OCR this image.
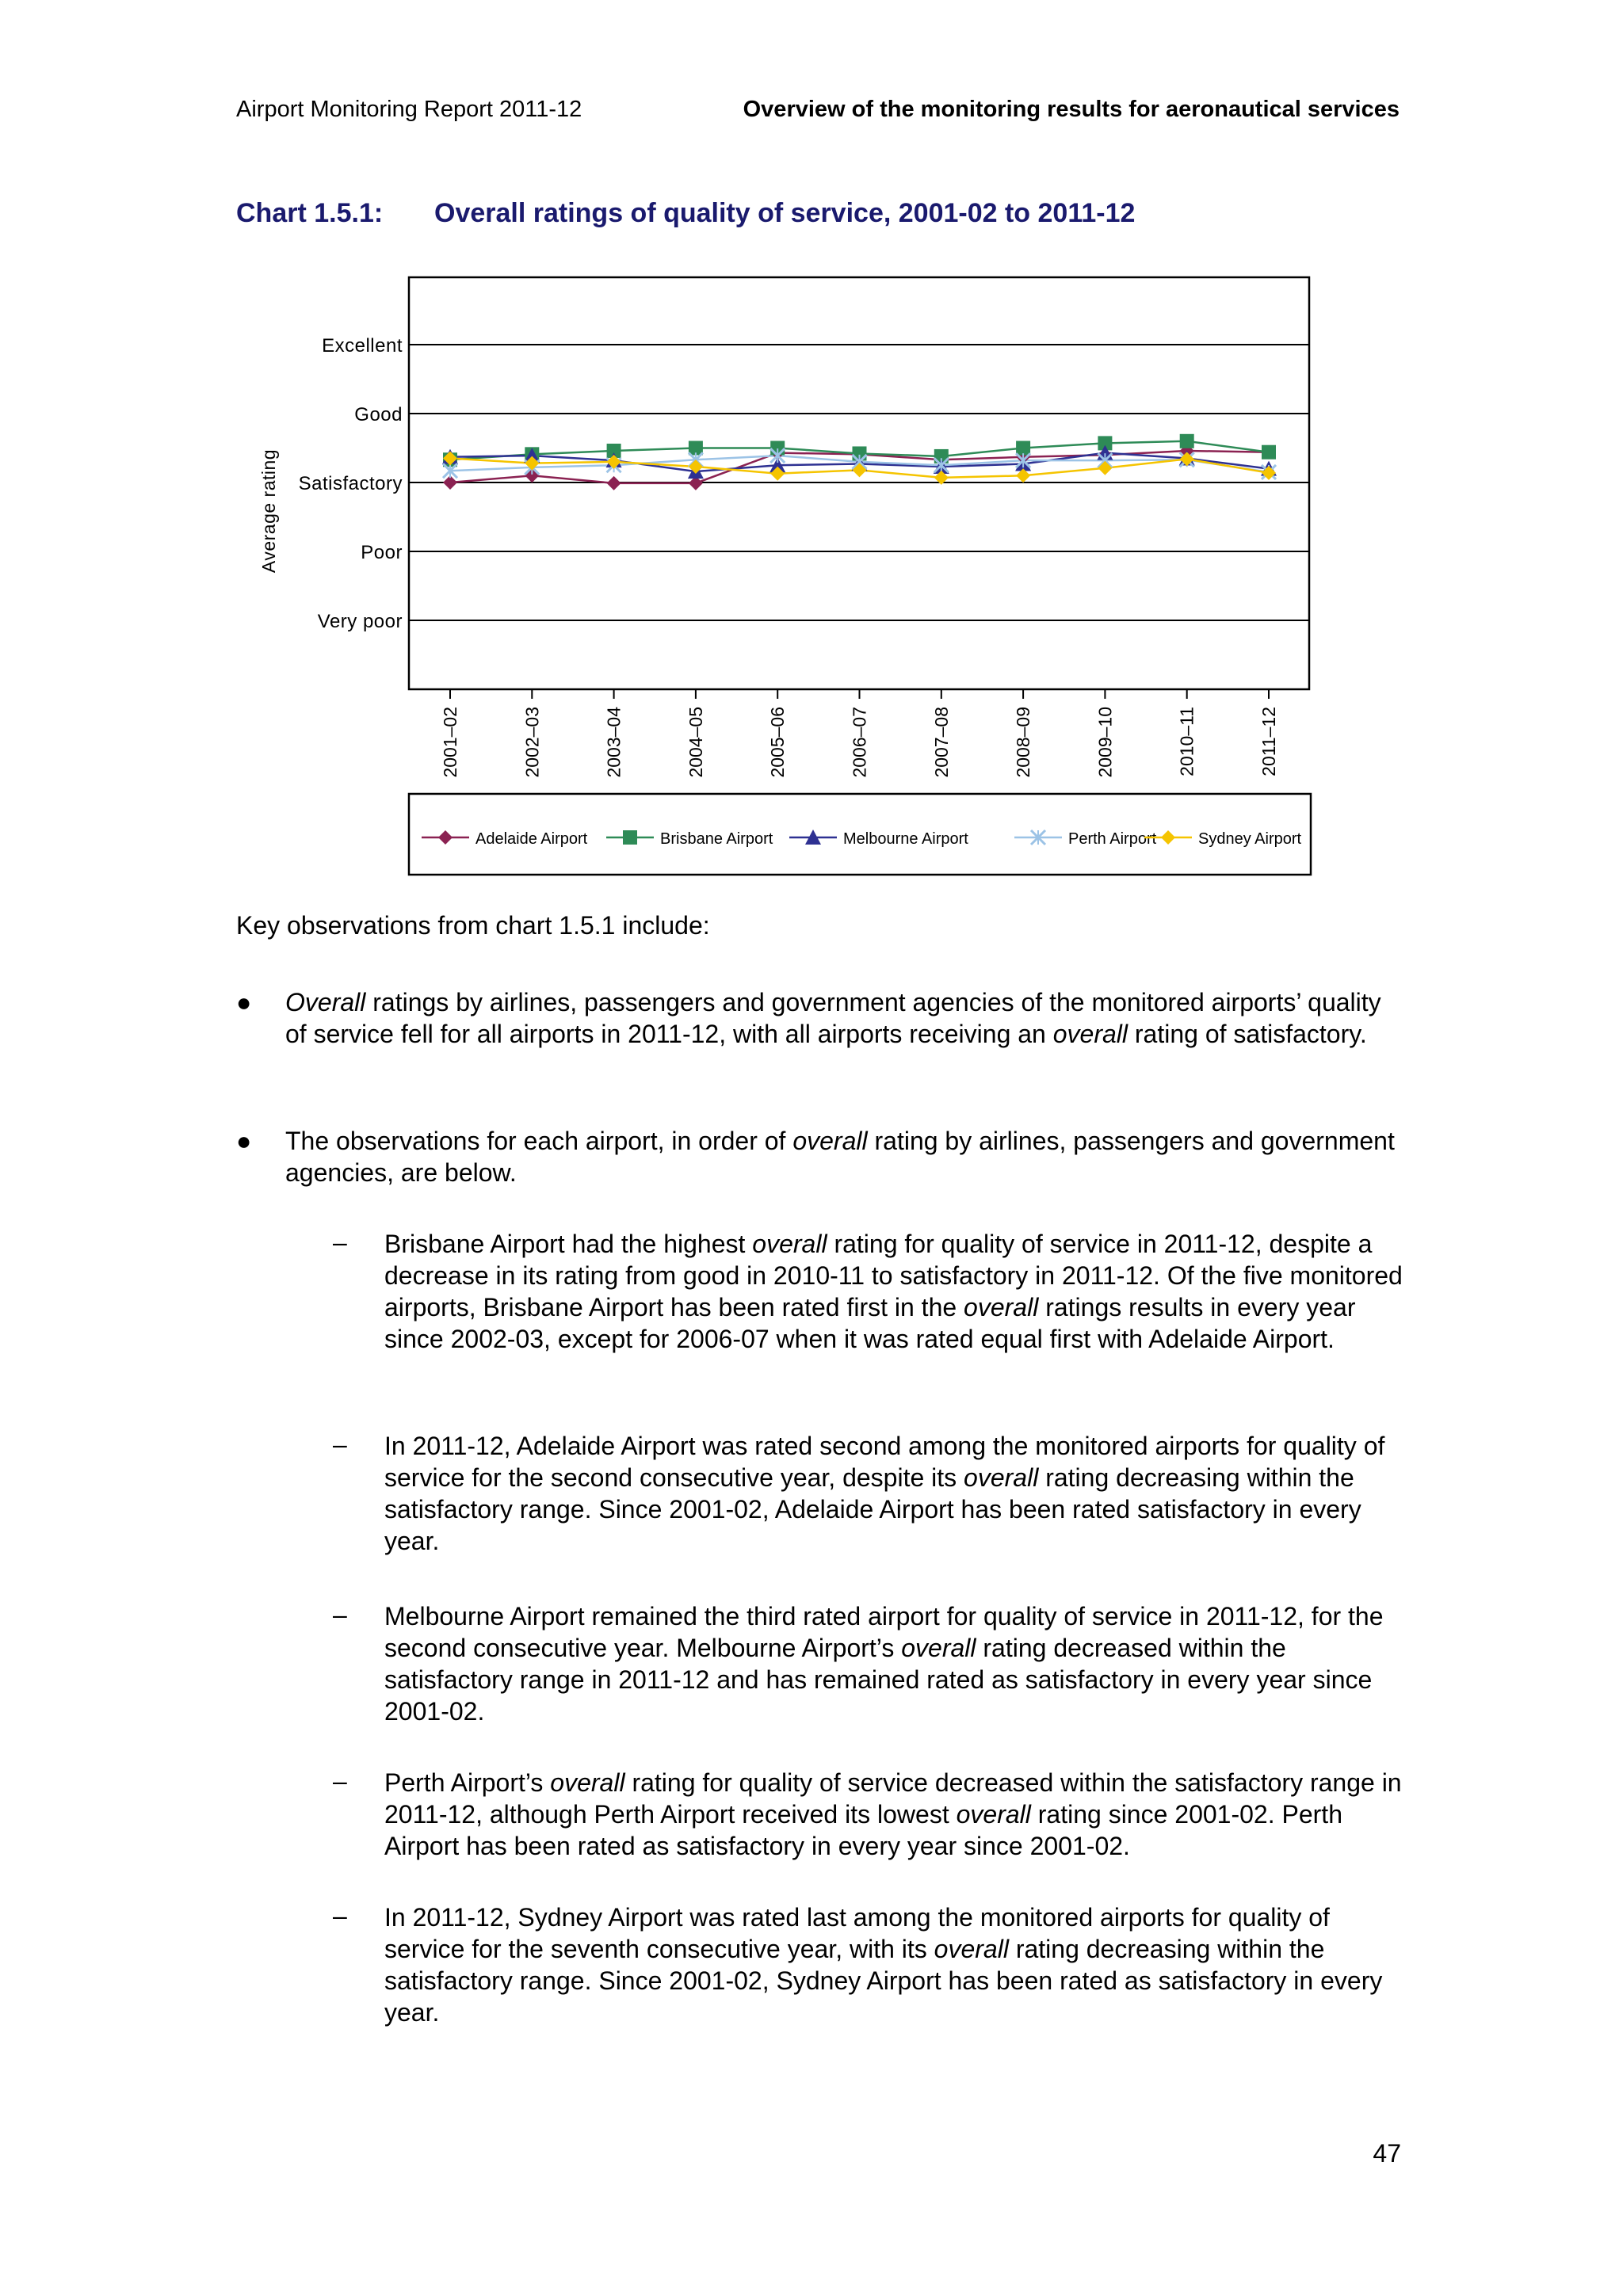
Airport Monitoring Report 2011-12	Overview of the monitoring results for aeronautical services
Chart 1.5.1: Overall ratings of quality of service, 2001-02 to 2011-12
Very poor
Poor
Satisfactory
Good
Excellent
Average rating
2001–02	2002–03	2003–04	2004–05	2005–06	2006–07	2007–08	2008–09	2009–10	2010–11	2011–12
Adelaide Airport	Brisbane Airport	Melbourne Airport	Perth Airport	Sydney Airport
Key observations from chart 1.5.1 include:
● Overall ratings by airlines, passengers and government agencies of the monitored airports’ quality of service fell for all airports in 2011-12, with all airports receiving an overall rating of satisfactory.
● The observations for each airport, in order of overall rating by airlines, passengers and government agencies, are below.
– Brisbane Airport had the highest overall rating for quality of service in 2011-12, despite a decrease in its rating from good in 2010-11 to satisfactory in 2011-12. Of the five monitored airports, Brisbane Airport has been rated first in the overall ratings results in every year since 2002-03, except for 2006-07 when it was rated equal first with Adelaide Airport.
– In 2011-12, Adelaide Airport was rated second among the monitored airports for quality of service for the second consecutive year, despite its overall rating decreasing within the satisfactory range. Since 2001-02, Adelaide Airport has been rated satisfactory in every year.
– Melbourne Airport remained the third rated airport for quality of service in 2011-12, for the second consecutive year. Melbourne Airport’s overall rating decreased within the satisfactory range in 2011-12 and has remained rated as satisfactory in every year since 2001-02.
– Perth Airport’s overall rating for quality of service decreased within the satisfactory range in 2011-12, although Perth Airport received its lowest overall rating since 2001-02. Perth Airport has been rated as satisfactory in every year since 2001-02.
– In 2011-12, Sydney Airport was rated last among the monitored airports for quality of service for the seventh consecutive year, with its overall rating decreasing within the satisfactory range. Since 2001-02, Sydney Airport has been rated as satisfactory in every year.
47
